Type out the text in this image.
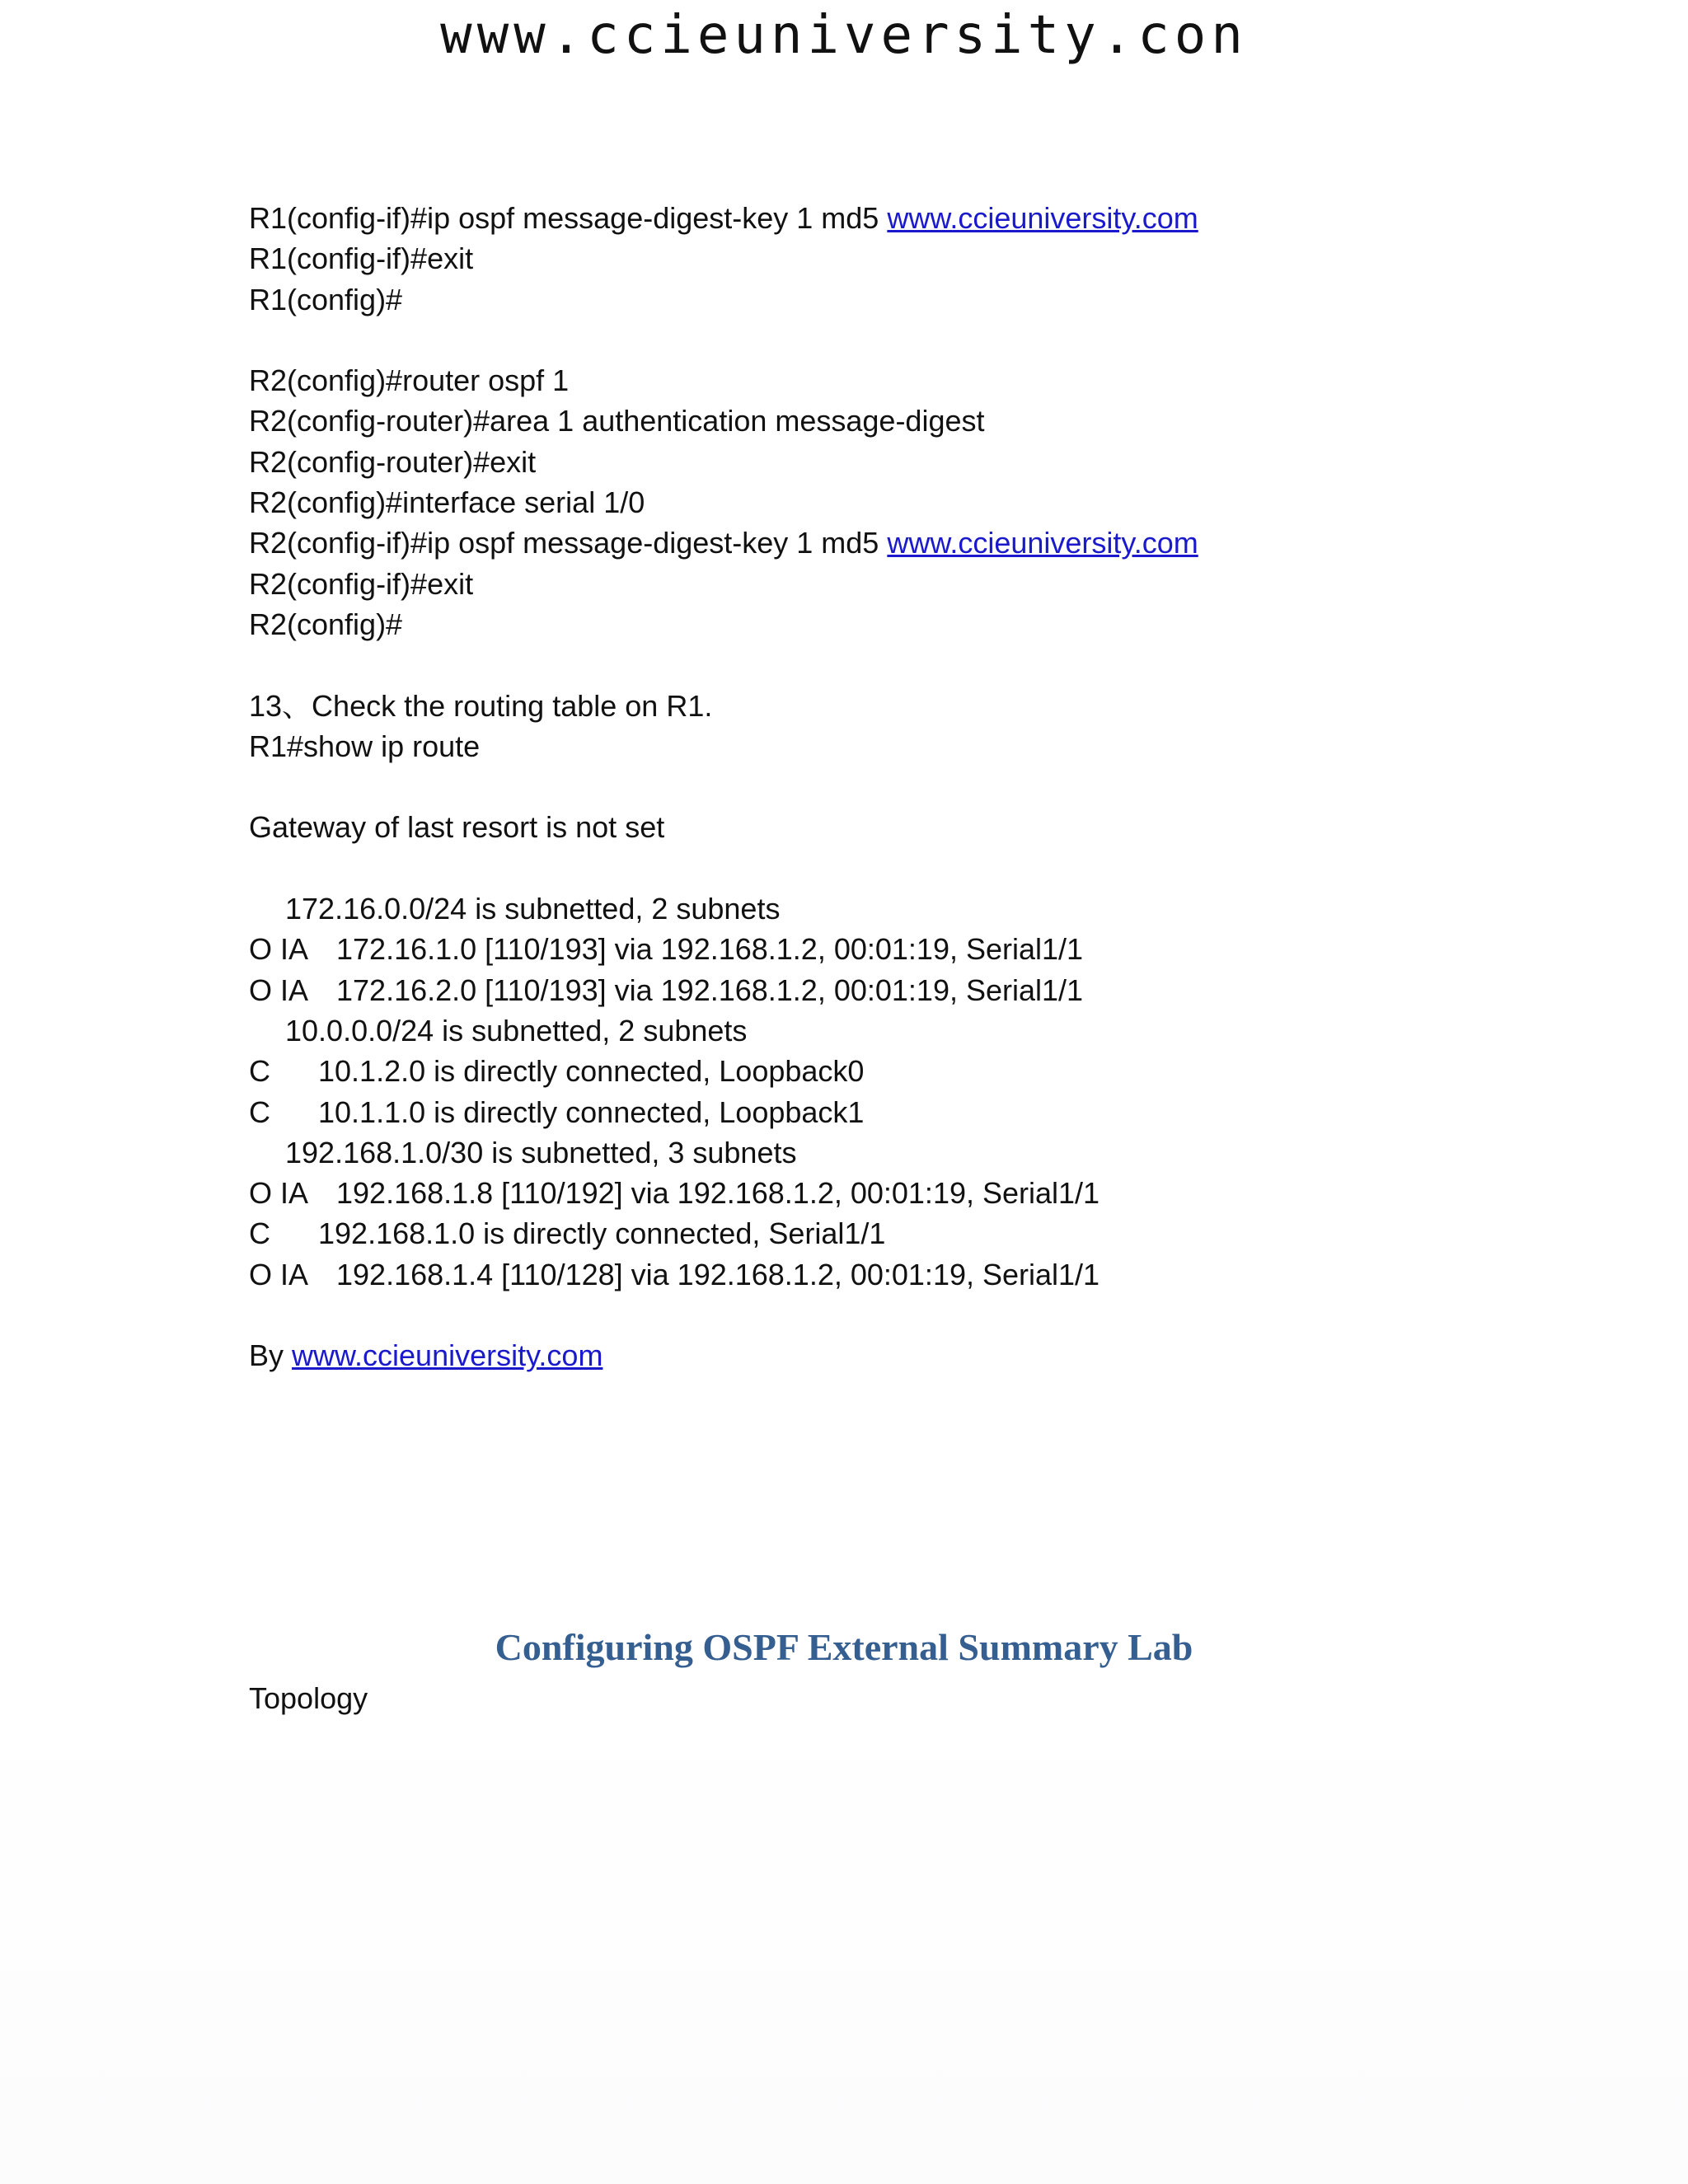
www.ccieuniversity.con
R1(config-if)#ip ospf message-digest-key 1 md5 www.ccieuniversity.com
R1(config-if)#exit
R1(config)#
R2(config)#router ospf 1
R2(config-router)#area 1 authentication message-digest
R2(config-router)#exit
R2(config)#interface serial 1/0
R2(config-if)#ip ospf message-digest-key 1 md5 www.ccieuniversity.com
R2(config-if)#exit
R2(config)#
13、Check the routing table on R1.
R1#show ip route
Gateway of last resort is not set
172.16.0.0/24 is subnetted, 2 subnets
O IA 172.16.1.0 [110/193] via 192.168.1.2, 00:01:19, Serial1/1
O IA 172.16.2.0 [110/193] via 192.168.1.2, 00:01:19, Serial1/1
10.0.0.0/24 is subnetted, 2 subnets
C 10.1.2.0 is directly connected, Loopback0
C 10.1.1.0 is directly connected, Loopback1
192.168.1.0/30 is subnetted, 3 subnets
O IA 192.168.1.8 [110/192] via 192.168.1.2, 00:01:19, Serial1/1
C 192.168.1.0 is directly connected, Serial1/1
O IA 192.168.1.4 [110/128] via 192.168.1.2, 00:01:19, Serial1/1
By www.ccieuniversity.com
Configuring OSPF External Summary Lab
Topology
